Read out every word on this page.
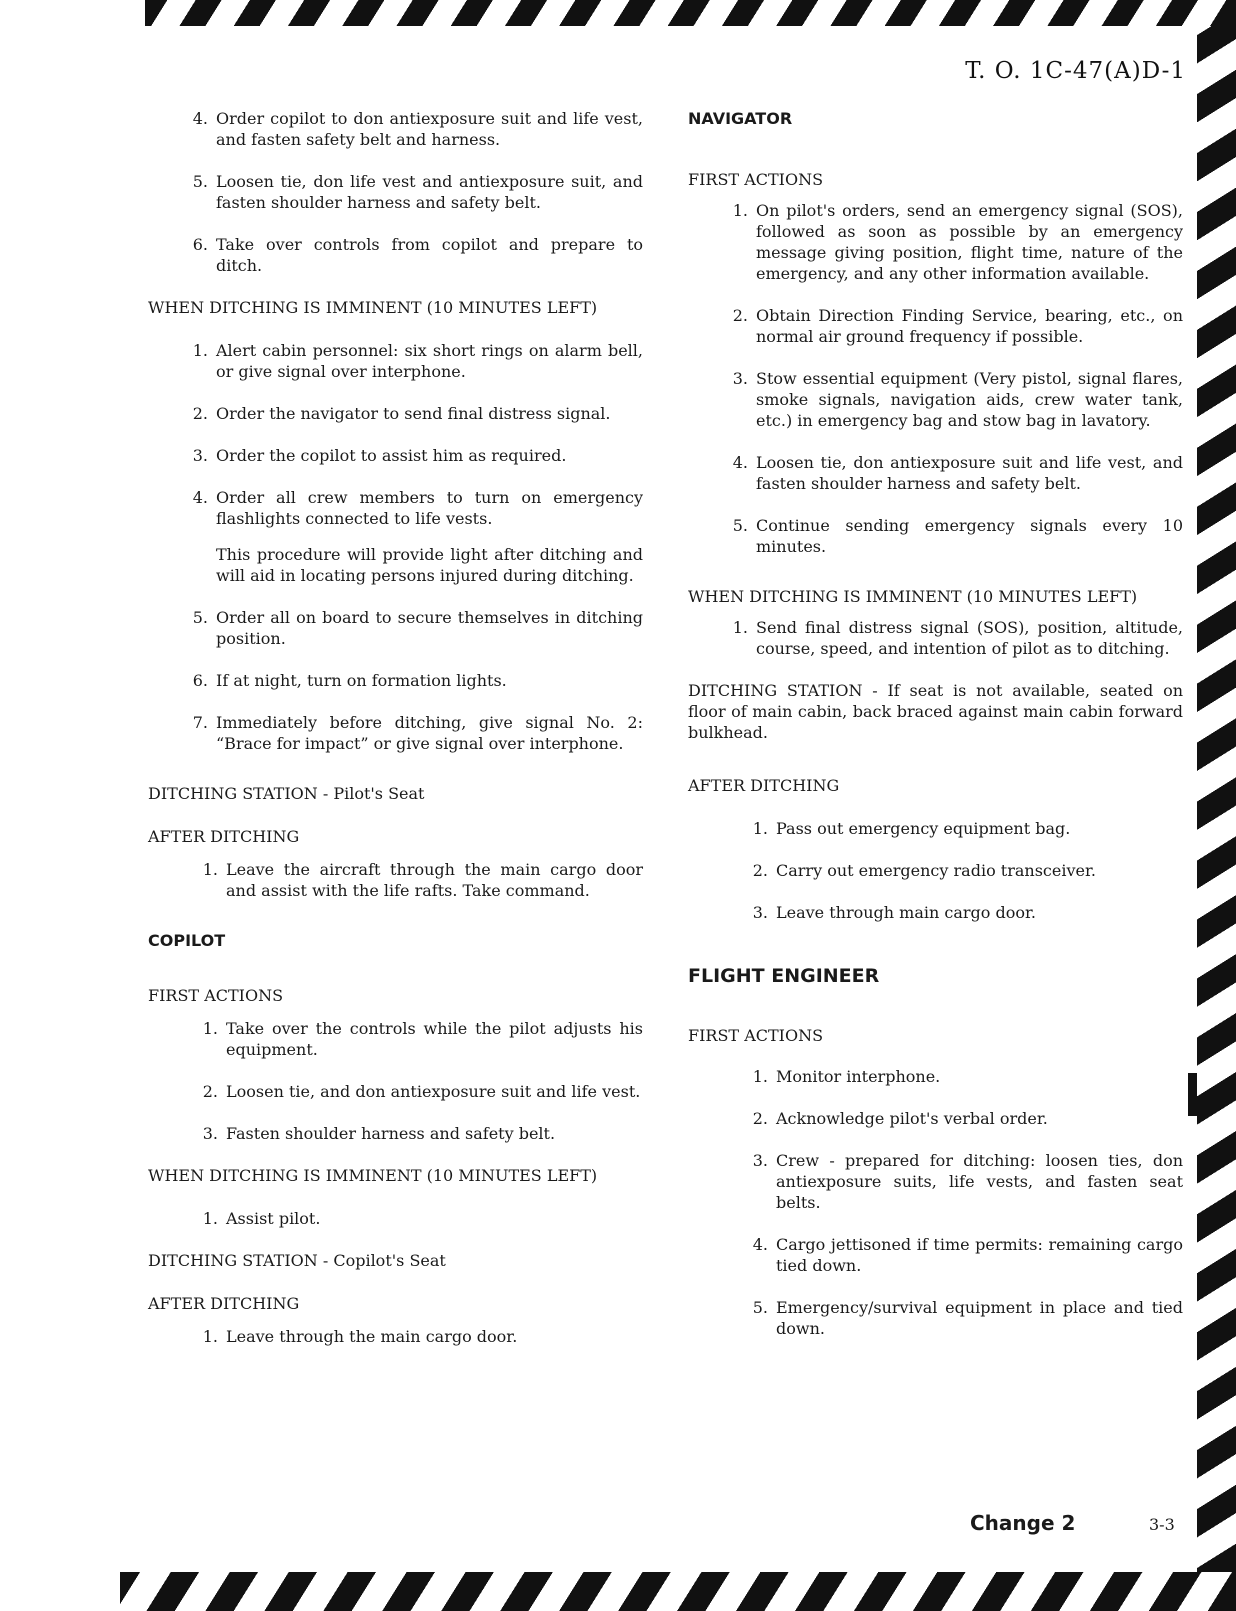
T. O. 1C-47(A)D-1
4. Order copilot to don antiexposure suit and life vest, and fasten safety belt and harness.
5. Loosen tie, don life vest and antiexposure suit, and fasten shoulder harness and safety belt.
6. Take over controls from copilot and prepare to ditch.
WHEN DITCHING IS IMMINENT (10 MINUTES LEFT)
1. Alert cabin personnel: six short rings on alarm bell, or give signal over interphone.
2. Order the navigator to send final distress signal.
3. Order the copilot to assist him as required.
4. Order all crew members to turn on emergency flashlights connected to life vests.
This procedure will provide light after ditching and will aid in locating persons injured during ditching.
5. Order all on board to secure themselves in ditching position.
6. If at night, turn on formation lights.
7. Immediately before ditching, give signal No. 2: “Brace for impact” or give signal over interphone.
DITCHING STATION - Pilot's Seat
AFTER DITCHING
1. Leave the aircraft through the main cargo door and assist with the life rafts. Take command.
COPILOT
FIRST ACTIONS
1. Take over the controls while the pilot adjusts his equipment.
2. Loosen tie, and don antiexposure suit and life vest.
3. Fasten shoulder harness and safety belt.
WHEN DITCHING IS IMMINENT (10 MINUTES LEFT)
1. Assist pilot.
DITCHING STATION - Copilot's Seat
AFTER DITCHING
1. Leave through the main cargo door.
NAVIGATOR
FIRST ACTIONS
1. On pilot's orders, send an emergency signal (SOS), followed as soon as possible by an emergency message giving position, flight time, nature of the emergency, and any other information available.
2. Obtain Direction Finding Service, bearing, etc., on normal air ground frequency if possible.
3. Stow essential equipment (Very pistol, signal flares, smoke signals, navigation aids, crew water tank, etc.) in emergency bag and stow bag in lavatory.
4. Loosen tie, don antiexposure suit and life vest, and fasten shoulder harness and safety belt.
5. Continue sending emergency signals every 10 minutes.
WHEN DITCHING IS IMMINENT (10 MINUTES LEFT)
1. Send final distress signal (SOS), position, altitude, course, speed, and intention of pilot as to ditching.
DITCHING STATION - If seat is not available, seated on floor of main cabin, back braced against main cabin forward bulkhead.
AFTER DITCHING
1. Pass out emergency equipment bag.
2. Carry out emergency radio transceiver.
3. Leave through main cargo door.
FLIGHT ENGINEER
FIRST ACTIONS
1. Monitor interphone.
2. Acknowledge pilot's verbal order.
3. Crew - prepared for ditching: loosen ties, don antiexposure suits, life vests, and fasten seat belts.
4. Cargo jettisoned if time permits: remaining cargo tied down.
5. Emergency/survival equipment in place and tied down.
Change 2	3-3
